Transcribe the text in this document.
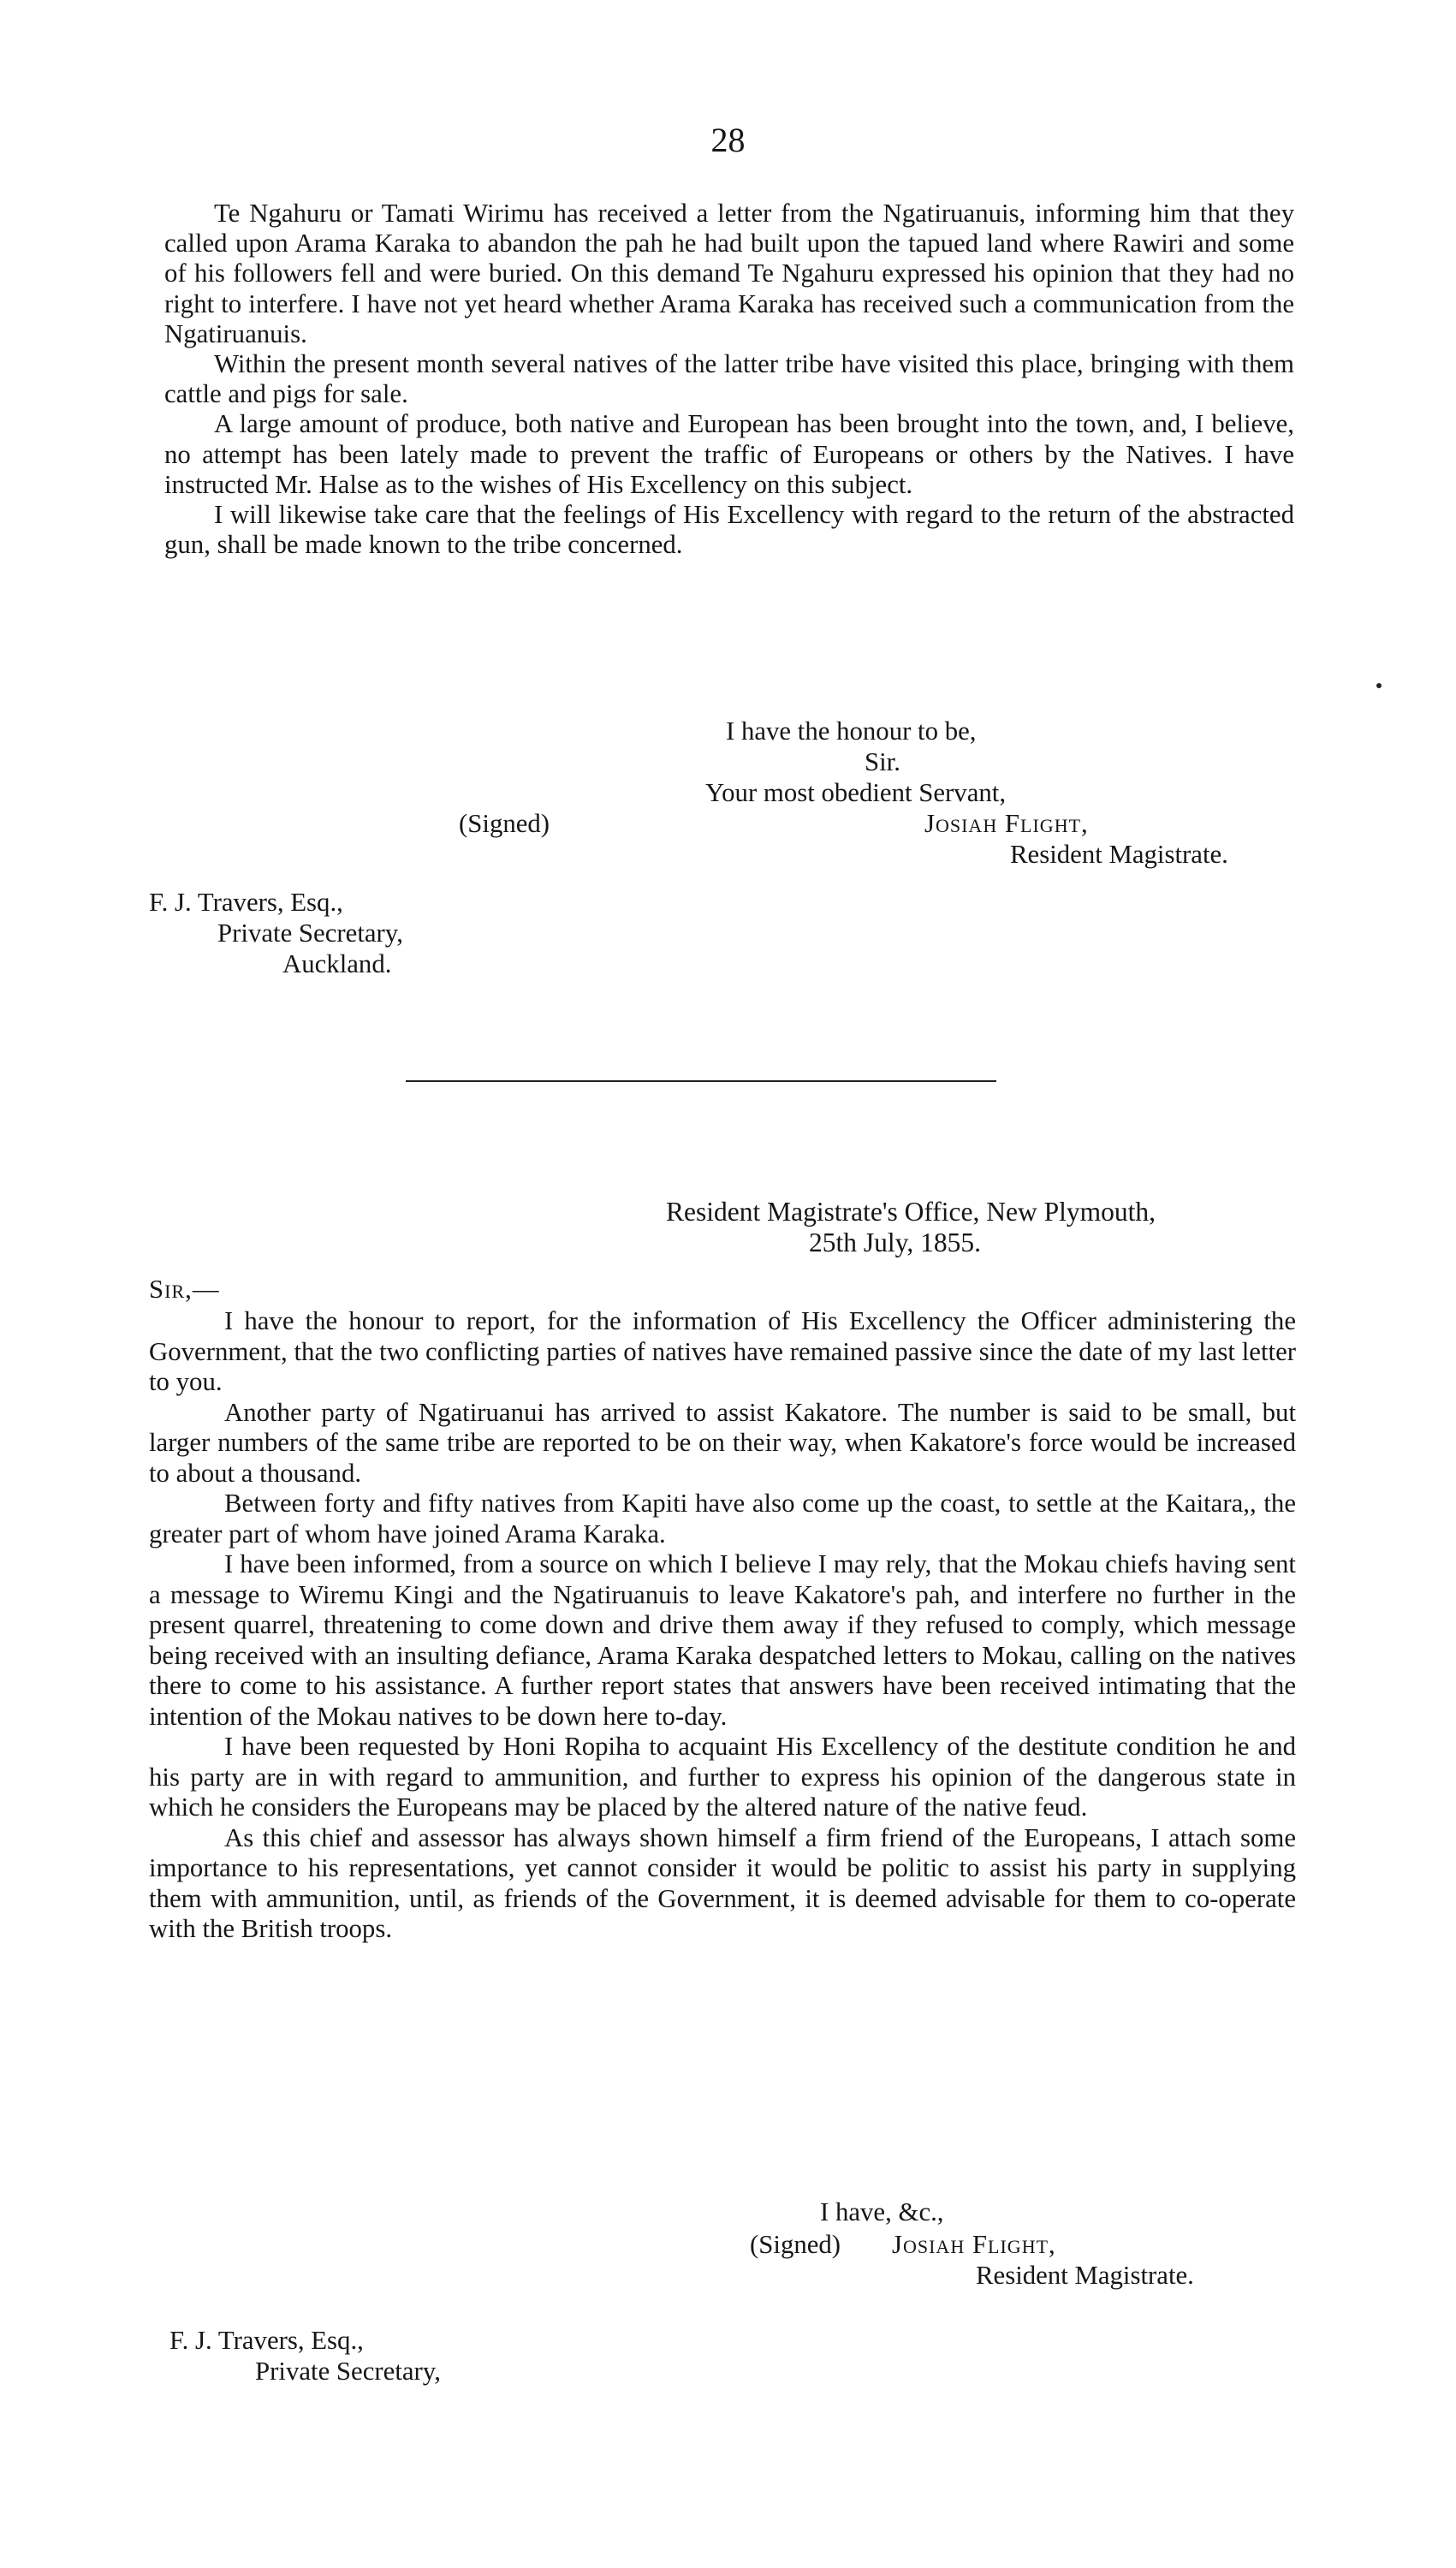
28

Te Ngahuru or Tamati Wirimu has received a letter from the Ngatiruanuis, informing him that they called upon Arama Karaka to abandon the pah he had built upon the tapued land where Rawiri and some of his followers fell and were buried. On this demand Te Ngahuru expressed his opinion that they had no right to interfere. I have not yet heard whether Arama Karaka has received such a communication from the Ngatiruanuis.

Within the present month several natives of the latter tribe have visited this place, bringing with them cattle and pigs for sale.

A large amount of produce, both native and European has been brought into the town, and, I believe, no attempt has been lately made to prevent the traffic of Europeans or others by the Natives. I have instructed Mr. Halse as to the wishes of His Excellency on this subject.

I will likewise take care that the feelings of His Excellency with regard to the return of the abstracted gun, shall be made known to the tribe concerned.

I have the honour to be,

Sir.

Your most obedient Servant,

(Signed)	Josiah Flight,

Resident Magistrate.

F. J. Travers, Esq.,

Private Secretary,

Auckland.

Resident Magistrate's Office, New Plymouth,

25th July, 1855.

Sir,—

I have the honour to report, for the information of His Excellency the Officer administering the Government, that the two conflicting parties of natives have remained passive since the date of my last letter to you.

Another party of Ngatiruanui has arrived to assist Kakatore. The number is said to be small, but larger numbers of the same tribe are reported to be on their way, when Kakatore's force would be increased to about a thousand.

Between forty and fifty natives from Kapiti have also come up the coast, to settle at the Kaitara,, the greater part of whom have joined Arama Karaka.

I have been informed, from a source on which I believe I may rely, that the Mokau chiefs having sent a message to Wiremu Kingi and the Ngatiruanuis to leave Kakatore's pah, and interfere no further in the present quarrel, threatening to come down and drive them away if they refused to comply, which message being received with an insulting defiance, Arama Karaka despatched letters to Mokau, calling on the natives there to come to his assistance. A further report states that answers have been received intimating that the intention of the Mokau natives to be down here to-day.

I have been requested by Honi Ropiha to acquaint His Excellency of the destitute condition he and his party are in with regard to ammunition, and further to express his opinion of the dangerous state in which he considers the Europeans may be placed by the altered nature of the native feud.

As this chief and assessor has always shown himself a firm friend of the Europeans, I attach some importance to his representations, yet cannot consider it would be politic to assist his party in supplying them with ammunition, until, as friends of the Government, it is deemed advisable for them to co-operate with the British troops.

I have, &c.,

(Signed) Josiah Flight,

Resident Magistrate.

F. J. Travers, Esq.,

Private Secretary,
